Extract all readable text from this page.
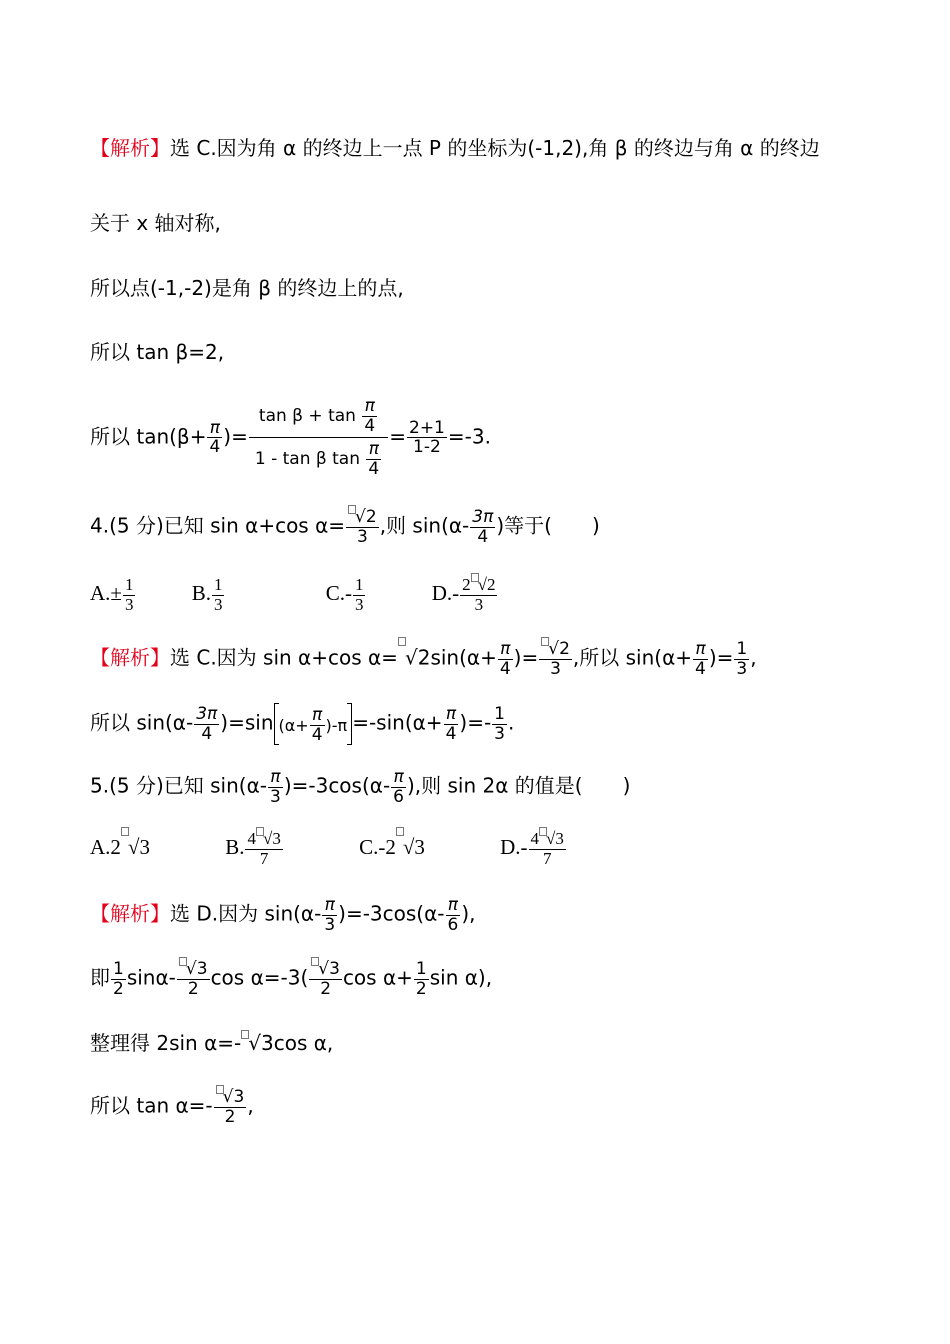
【解析】选 C.因为角 α 的终边上一点 P 的坐标为(-1,2),角 β 的终边与角 α 的终边
关于 x 轴对称,
所以点(-1,-2)是角 β 的终边上的点,
所以 tan β=2,
所以 $\tan(\beta+ \frac{\pi}{4}$ )= $\frac{\tan \beta + \tan \frac{\pi}{4}}{1 - \tan \beta \tan \frac{\pi}{4}} = \frac{2+1}{1-2} =-3$.
4.(5 分)已知 sin α+cos $\alpha= \frac{√2}{3}$ ,则 $\sin(\alpha- \frac{3\pi}{4}$ )等于( )
$A.\pm \frac{1}{3}$	B. $\frac{1}{3}$	$C.- \frac{1}{3}$	$D.- \frac{2 √2}{3}$
【解析】选 C.因为 sin α+cos $\alpha= √2\sin(\alpha+ \frac{\pi}{4}$ )= $\frac{√2}{3}$ ,所以 $\sin(\alpha+ \frac{\pi}{4}$ )= $\frac{1}{3}$ ,
所以 $\sin(\alpha- \frac{3\pi}{4} )=\sin$ $(\alpha+ \frac{\pi}{4} )-\pi =-\sin(\alpha+ \frac{\pi}{4}$ )=- $\frac{1}{3}$ .
5.(5 分)已知 $\sin(\alpha- \frac{\pi}{3} )=-3\cos(\alpha- \frac{\pi}{6}$ ),则 sin 2α 的值是( )
A.2 √3	B. $\frac{4 √3}{7}$	C.-2 √3	$D.- \frac{4 √3}{7}$
【解析】选 D.因为 $\sin(\alpha- \frac{\pi}{3} )=-3\cos(\alpha- \frac{\pi}{6}$ ),
即 $\frac{1}{2} \sin\alpha- \frac{√3}{2}$ $\cos \alpha=-3( \frac{√3}{2}$ $\cos \alpha+ \frac{1}{2}$ sin α),
整理得 2sin α=- √3cos α,
所以 $\tan \alpha=- \frac{√3}{2}$ ,
